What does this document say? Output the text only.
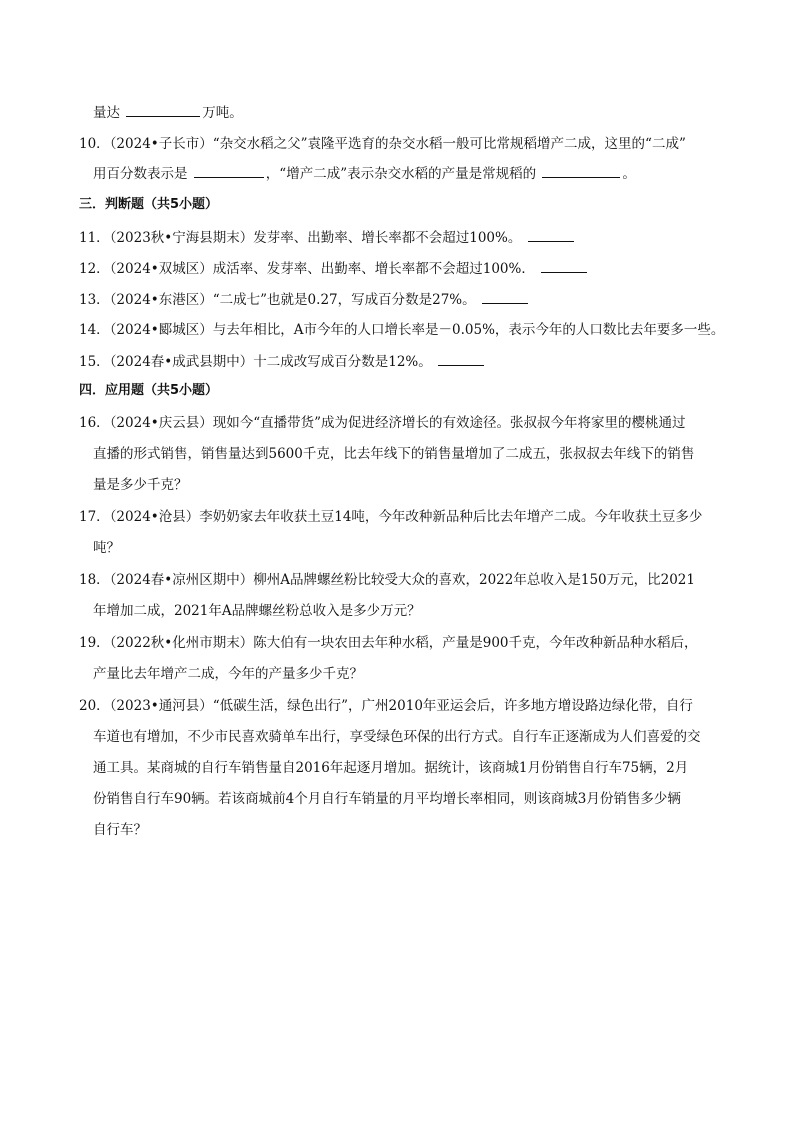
量达	万吨。
10．（2024•子长市）“杂交水稻之父”袁隆平选育的杂交水稻一般可比常规稻增产二成，这里的“二成”
用百分数表示是	，“增产二成”表示杂交水稻的产量是常规稻的	。
三．判断题（共5小题）
11．（2023秋•宁海县期末）发芽率、出勤率、增长率都不会超过100%。
12．（2024•双城区）成活率、发芽率、出勤率、增长率都不会超过100%．
13．（2024•东港区）“二成七”也就是0.27，写成百分数是27%。
14．（2024•郾城区）与去年相比，A市今年的人口增长率是－0.05%，表示今年的人口数比去年要多一些。
15．（2024春•成武县期中）十二成改写成百分数是12%。
四．应用题（共5小题）
16．（2024•庆云县）现如今“直播带货”成为促进经济增长的有效途径。张叔叔今年将家里的樱桃通过
直播的形式销售，销售量达到5600千克，比去年线下的销售量增加了二成五，张叔叔去年线下的销售
量是多少千克？
17．（2024•沧县）李奶奶家去年收获土豆14吨，今年改种新品种后比去年增产二成。今年收获土豆多少
吨？
18．（2024春•凉州区期中）柳州A品牌螺丝粉比较受大众的喜欢，2022年总收入是150万元，比2021
年增加二成，2021年A品牌螺丝粉总收入是多少万元？
19．（2022秋•化州市期末）陈大伯有一块农田去年种水稻，产量是900千克，今年改种新品种水稻后，
产量比去年增产二成，今年的产量多少千克？
20．（2023•通河县）“低碳生活，绿色出行”，广州2010年亚运会后，许多地方增设路边绿化带，自行
车道也有增加，不少市民喜欢骑单车出行，享受绿色环保的出行方式。自行车正逐渐成为人们喜爱的交
通工具。某商城的自行车销售量自2016年起逐月增加。据统计，该商城1月份销售自行车75辆，2月
份销售自行车90辆。若该商城前4个月自行车销量的月平均增长率相同，则该商城3月份销售多少辆
自行车？
